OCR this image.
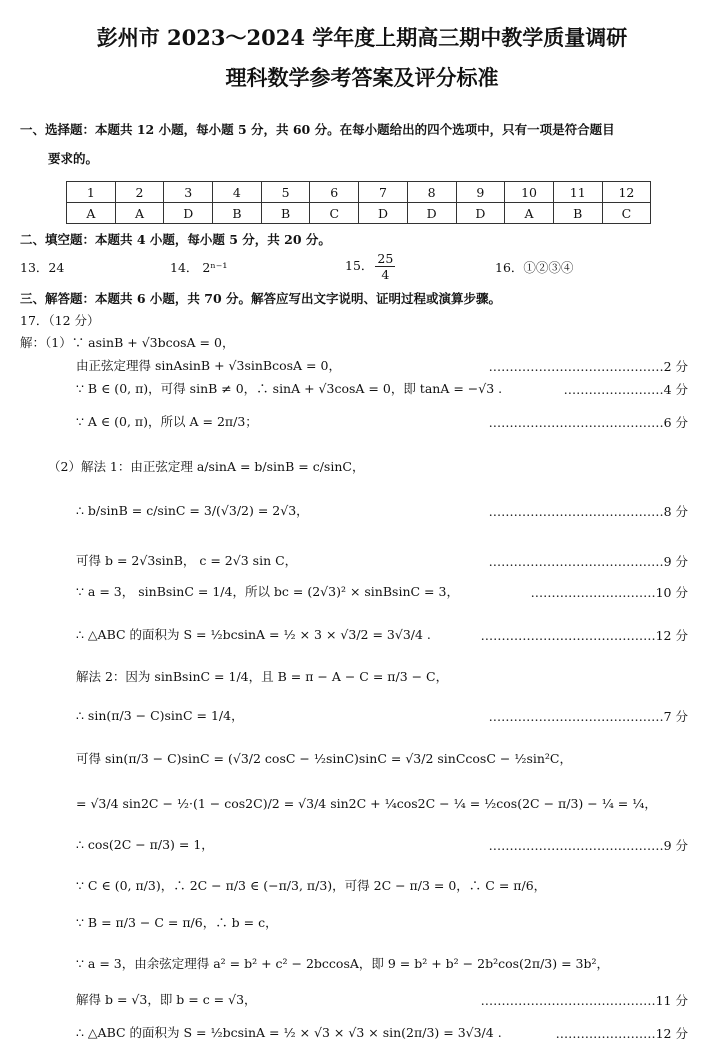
彭州市 2023～2024 学年度上期高三期中教学质量调研
理科数学参考答案及评分标准
一、选择题：本题共 12 小题，每小题 5 分，共 60 分。在每小题给出的四个选项中，只有一项是符合题目
要求的。
1	2	3	4	5	6	7	8	9	10	11	12
A	A	D	B	B	C	D	D	D	A	B	C
二、填空题：本题共 4 小题，每小题 5 分，共 20 分。
13．24	14． 2ⁿ⁻¹	15． $\frac{25}{4}$	16．①②③④
三、解答题：本题共 6 小题，共 70 分。解答应写出文字说明、证明过程或演算步骤。
17．（12 分）
解：（1）∵ asinB + √3bcosA = 0，
由正弦定理得 sinAsinB + √3sinBcosA = 0，	……………………………………2 分
∵ B ∈ (0, π)，可得 sinB ≠ 0，∴ sinA + √3cosA = 0，即 tanA = −√3 .	……………………4 分
∵ A ∈ (0, π)，所以 A = 2π/3；	……………………………………6 分
（2）解法 1：由正弦定理 a/sinA = b/sinB = c/sinC，
∴ b/sinB = c/sinC = 3/(√3/2) = 2√3，	……………………………………8 分
可得 b = 2√3sinB， c = 2√3 sin C，	……………………………………9 分
∵ a = 3， sinBsinC = 1/4，所以 bc = (2√3)² × sinBsinC = 3，	…………………………10 分
∴ △ABC 的面积为 S = ½bcsinA = ½ × 3 × √3/2 = 3√3/4 .	……………………………………12 分
解法 2：因为 sinBsinC = 1/4，且 B = π − A − C = π/3 − C，
∴ sin(π/3 − C)sinC = 1/4，	……………………………………7 分
可得 sin(π/3 − C)sinC = (√3/2 cosC − ½sinC)sinC = √3/2 sinCcosC − ½sin²C，
= √3/4 sin2C − ½·(1 − cos2C)/2 = √3/4 sin2C + ¼cos2C − ¼ = ½cos(2C − π/3) − ¼ = ¼，
∴ cos(2C − π/3) = 1，	……………………………………9 分
∵ C ∈ (0, π/3)，∴ 2C − π/3 ∈ (−π/3, π/3)，可得 2C − π/3 = 0，∴ C = π/6，
∵ B = π/3 − C = π/6，∴ b = c，
∵ a = 3，由余弦定理得 a² = b² + c² − 2bccosA，即 9 = b² + b² − 2b²cos(2π/3) = 3b²，
解得 b = √3，即 b = c = √3，	……………………………………11 分
∴ △ABC 的面积为 S = ½bcsinA = ½ × √3 × √3 × sin(2π/3) = 3√3/4 .	……………………12 分
